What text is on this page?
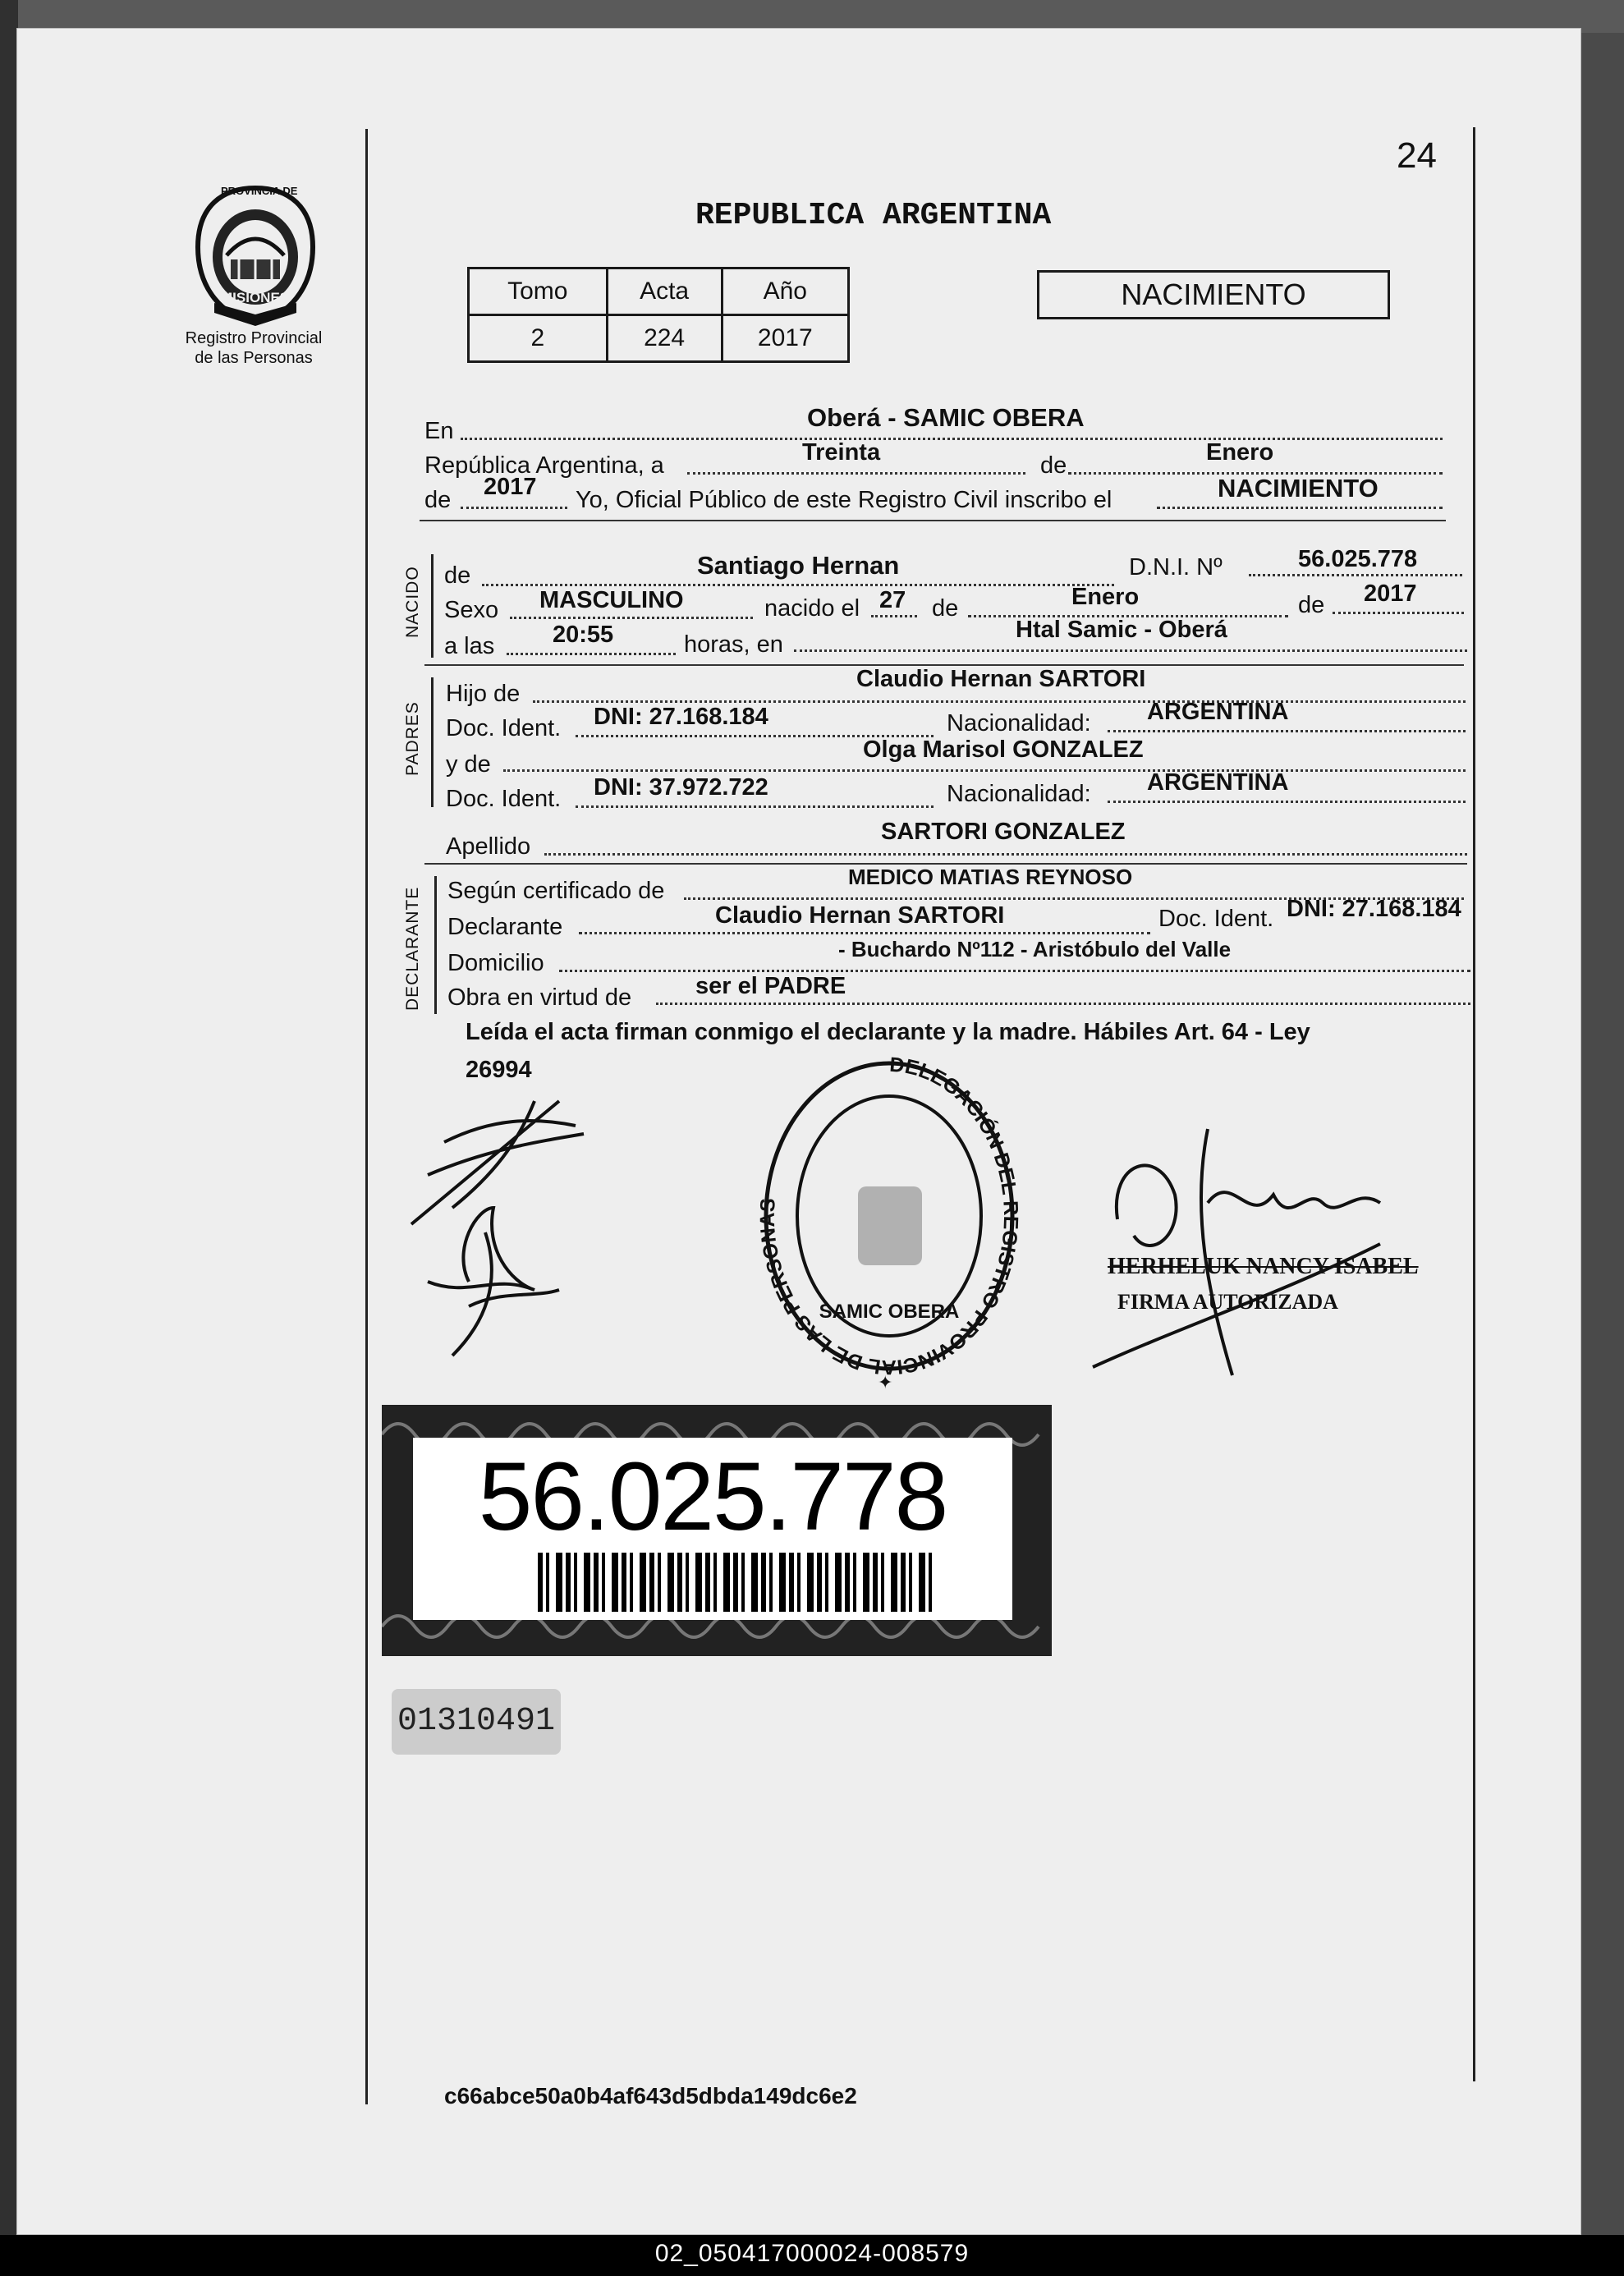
PROVINCIA DE
MISIONES
Registro Provincial
de las Personas
24
REPUBLICA ARGENTINA
Tomo	Acta	Año
2	224	2017
NACIMIENTO
En	Oberá - SAMIC OBERA
República Argentina, a	Treinta	de	Enero
de 2017 Yo, Oficial Público de este Registro Civil inscribo el	NACIMIENTO
NACIDO de	Santiago Hernan	D.N.I. Nº	56.025.778
Sexo MASCULINO	nacido el 27 de	Enero	de 2017
a las 20:55	horas, en
Htal Samic - Oberá
PADRES
Hijo de
Claudio Hernan SARTORI
Doc. Ident. DNI: 27.168.184	Nacionalidad: ARGENTINA
y de
Olga Marisol GONZALEZ
Doc. Ident. DNI: 37.972.722	Nacionalidad: ARGENTINA
Apellido
SARTORI GONZALEZ
DECLARANTE Según certificado de
MEDICO MATIAS REYNOSO
Declarante	Claudio Hernan SARTORI	Doc. Ident. DNI: 27.168.184
Domicilio
- Buchardo Nº112 - Aristóbulo del Valle
Obra en virtud de	ser el PADRE
Leída el acta firman conmigo el declarante y la madre. Hábiles Art. 64 - Ley
26994	DELEGACIÓN DEL REGISTRO PROVINCIAL DE LAS PERSONAS
SAMIC OBERA
✦
HERHELUK NANCY ISABEL
FIRMA AUTORIZADA
56.025.778
01310491
c66abce50a0b4af643d5dbda149dc6e2
02_050417000024-008579
